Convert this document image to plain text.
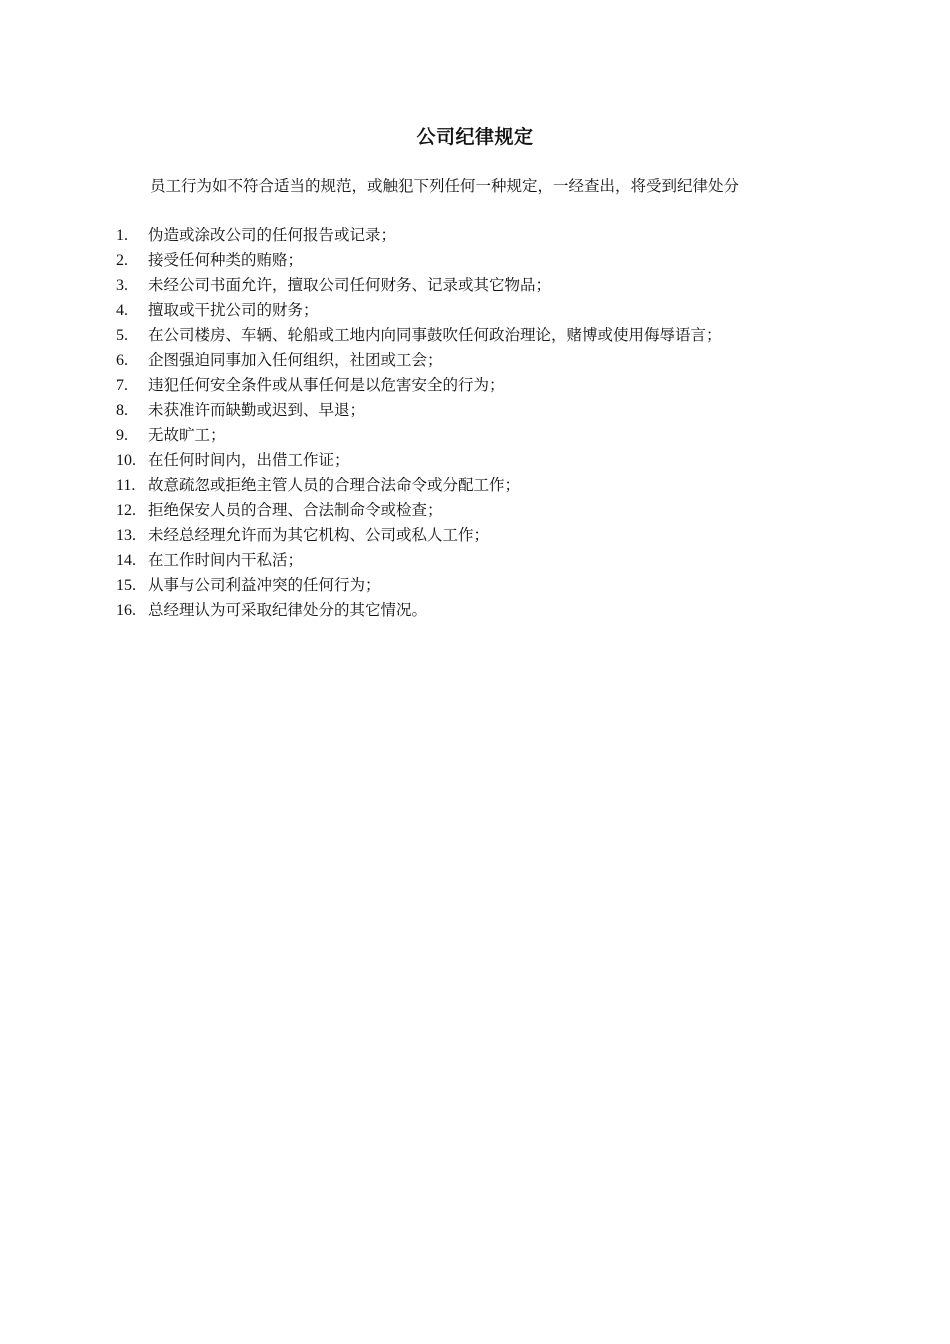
公司纪律规定

员工行为如不符合适当的规范，或触犯下列任何一种规定，一经查出，将受到纪律处分

1.	伪造或涂改公司的任何报告或记录；
2.	接受任何种类的贿赂；
3.	未经公司书面允许，擅取公司任何财务、记录或其它物品；
4.	擅取或干扰公司的财务；
5.	在公司楼房、车辆、轮船或工地内向同事鼓吹任何政治理论，赌博或使用侮辱语言；
6.	企图强迫同事加入任何组织，社团或工会；
7.	违犯任何安全条件或从事任何是以危害安全的行为；
8.	未获准许而缺勤或迟到、早退；
9.	无故旷工；
10. 在任何时间内，出借工作证；
11. 故意疏忽或拒绝主管人员的合理合法命令或分配工作；
12. 拒绝保安人员的合理、合法制命令或检查；
13. 未经总经理允许而为其它机构、公司或私人工作；
14. 在工作时间内干私活；
15. 从事与公司利益冲突的任何行为；
16. 总经理认为可采取纪律处分的其它情况。
